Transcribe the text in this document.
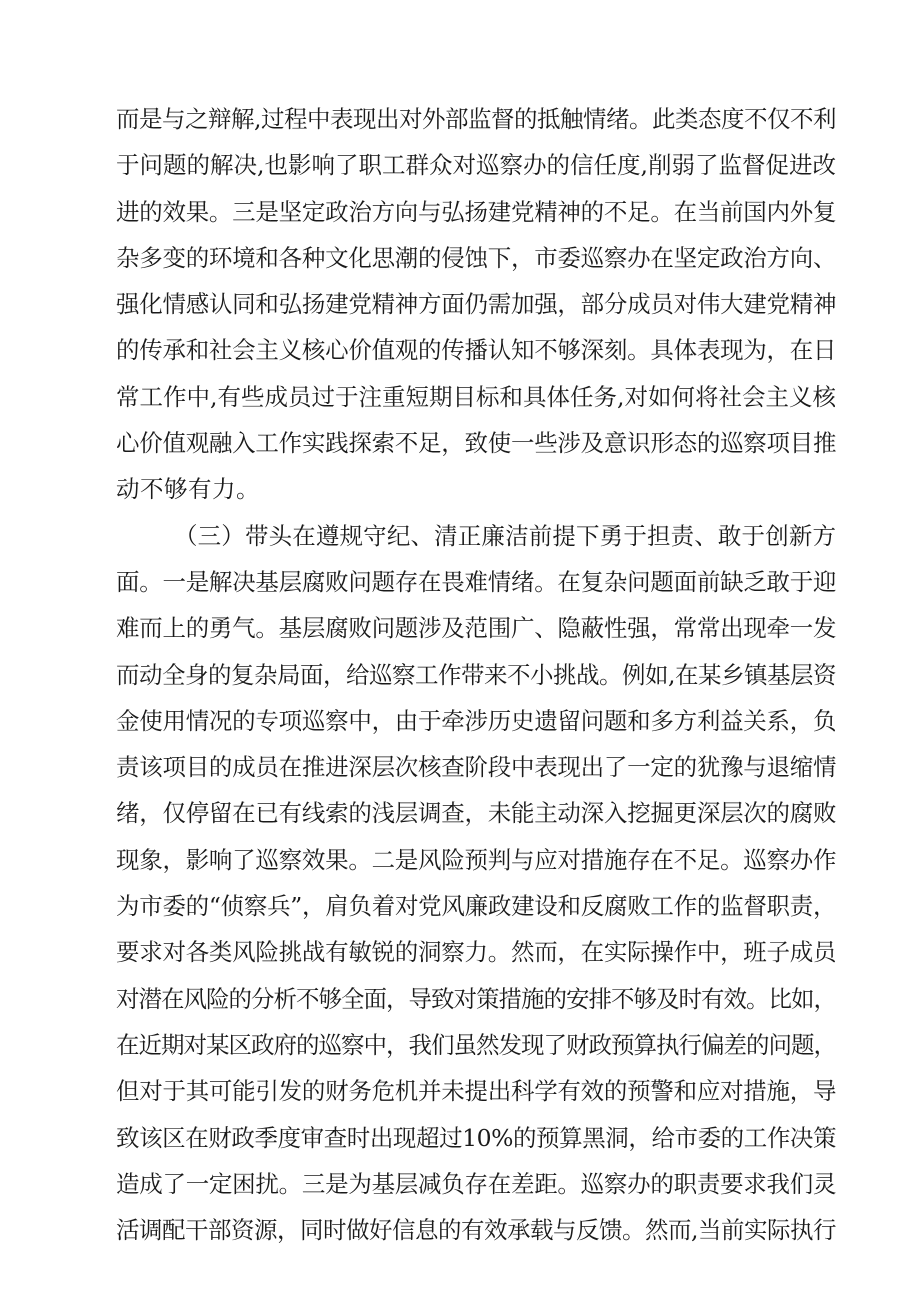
而是与之辩解,过程中表现出对外部监督的抵触情绪。此类态度不仅不利
于问题的解决,也影响了职工群众对巡察办的信任度,削弱了监督促进改
进的效果。三是坚定政治方向与弘扬建党精神的不足。在当前国内外复
杂多变的环境和各种文化思潮的侵蚀下，市委巡察办在坚定政治方向、
强化情感认同和弘扬建党精神方面仍需加强，部分成员对伟大建党精神
的传承和社会主义核心价值观的传播认知不够深刻。具体表现为，在日
常工作中,有些成员过于注重短期目标和具体任务,对如何将社会主义核
心价值观融入工作实践探索不足，致使一些涉及意识形态的巡察项目推
动不够有力。
（三）带头在遵规守纪、清正廉洁前提下勇于担责、敢于创新方
面。一是解决基层腐败问题存在畏难情绪。在复杂问题面前缺乏敢于迎
难而上的勇气。基层腐败问题涉及范围广、隐蔽性强，常常出现牵一发
而动全身的复杂局面，给巡察工作带来不小挑战。例如,在某乡镇基层资
金使用情况的专项巡察中，由于牵涉历史遗留问题和多方利益关系，负
责该项目的成员在推进深层次核查阶段中表现出了一定的犹豫与退缩情
绪，仅停留在已有线索的浅层调查，未能主动深入挖掘更深层次的腐败
现象，影响了巡察效果。二是风险预判与应对措施存在不足。巡察办作
为市委的“侦察兵”，肩负着对党风廉政建设和反腐败工作的监督职责，
要求对各类风险挑战有敏锐的洞察力。然而，在实际操作中，班子成员
对潜在风险的分析不够全面，导致对策措施的安排不够及时有效。比如，
在近期对某区政府的巡察中，我们虽然发现了财政预算执行偏差的问题，
但对于其可能引发的财务危机并未提出科学有效的预警和应对措施，导
致该区在财政季度审查时出现超过10%的预算黑洞，给市委的工作决策
造成了一定困扰。三是为基层减负存在差距。巡察办的职责要求我们灵
活调配干部资源，同时做好信息的有效承载与反馈。然而,当前实际执行
